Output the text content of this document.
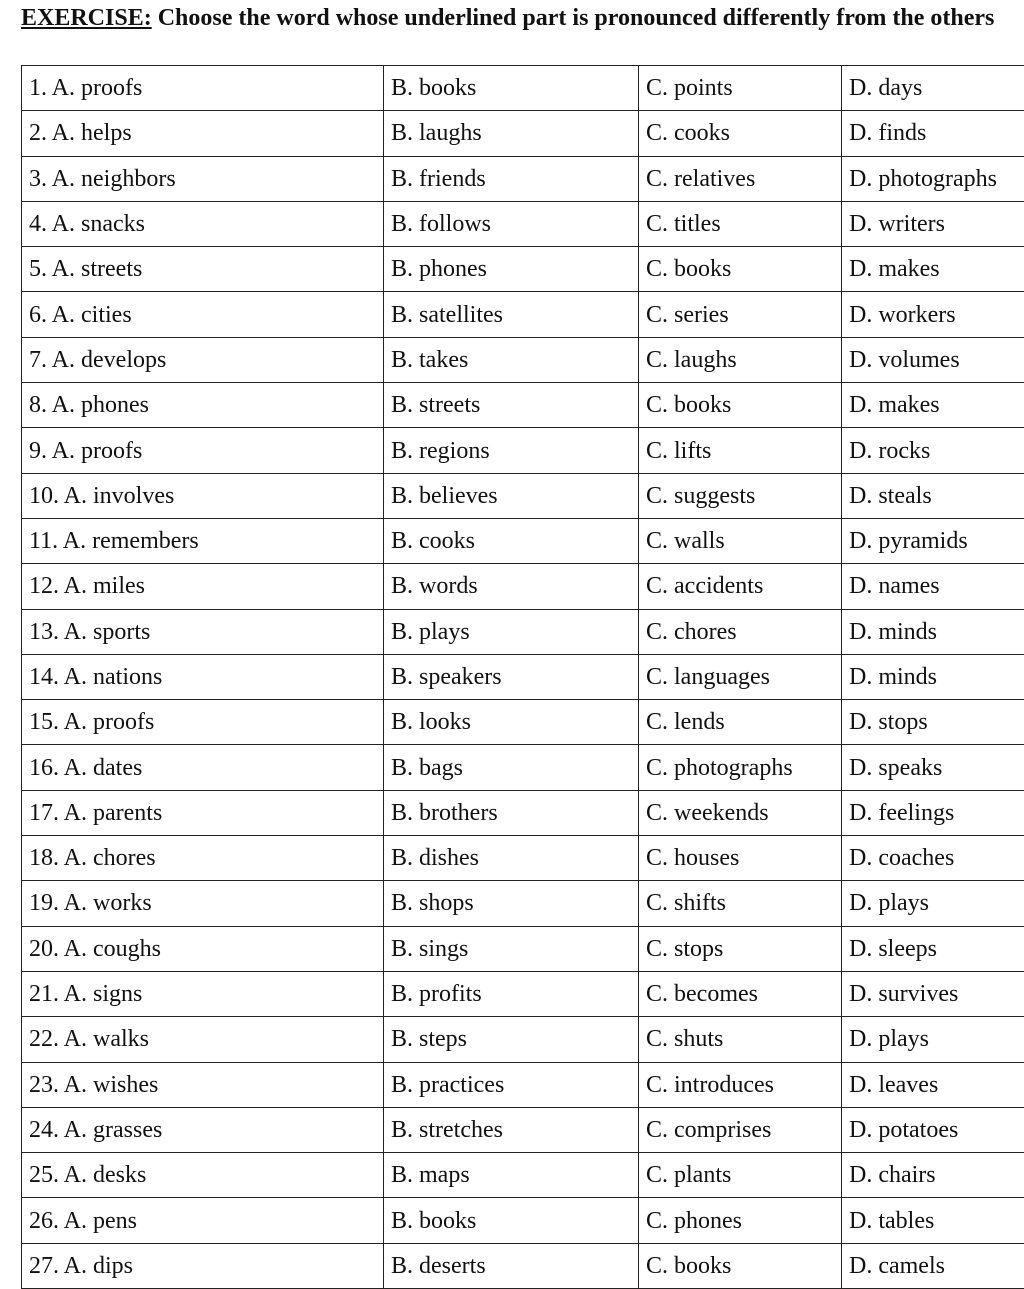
EXERCISE: Choose the word whose underlined part is pronounced differently from the others

1. A. proofs	B. books	C. points	D. days
2. A. helps	B. laughs	C. cooks	D. finds
3. A. neighbors	B. friends	C. relatives	D. photographs
4. A. snacks	B. follows	C. titles	D. writers
5. A. streets	B. phones	C. books	D. makes
6. A. cities	B. satellites	C. series	D. workers
7. A. develops	B. takes	C. laughs	D. volumes
8. A. phones	B. streets	C. books	D. makes
9. A. proofs	B. regions	C. lifts	D. rocks
10. A. involves	B. believes	C. suggests	D. steals
11. A. remembers	B. cooks	C. walls	D. pyramids
12. A. miles	B. words	C. accidents	D. names
13. A. sports	B. plays	C. chores	D. minds
14. A. nations	B. speakers	C. languages	D. minds
15. A. proofs	B. looks	C. lends	D. stops
16. A. dates	B. bags	C. photographs	D. speaks
17. A. parents	B. brothers	C. weekends	D. feelings
18. A. chores	B. dishes	C. houses	D. coaches
19. A. works	B. shops	C. shifts	D. plays
20. A. coughs	B. sings	C. stops	D. sleeps
21. A. signs	B. profits	C. becomes	D. survives
22. A. walks	B. steps	C. shuts	D. plays
23. A. wishes	B. practices	C. introduces	D. leaves
24. A. grasses	B. stretches	C. comprises	D. potatoes
25. A. desks	B. maps	C. plants	D. chairs
26. A. pens	B. books	C. phones	D. tables
27. A. dips	B. deserts	C. books	D. camels
